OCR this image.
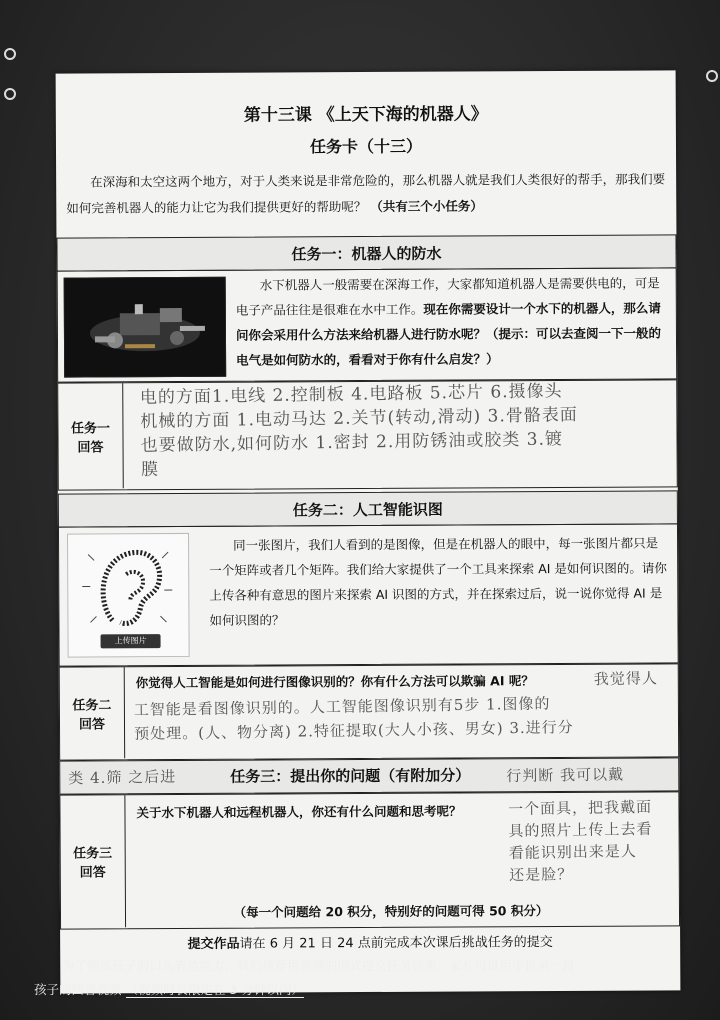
第十三课 《上天下海的机器人》
任务卡（十三）
在深海和太空这两个地方，对于人类来说是非常危险的，那么机器人就是我们人类很好的帮手，那我们要如何完善机器人的能力让它为我们提供更好的帮助呢？ （共有三个小任务）
任务一：机器人的防水
水下机器人一般需要在深海工作，大家都知道机器人是需要供电的，可是电子产品往往是很难在水中工作。现在你需要设计一个水下的机器人，那么请问你会采用什么方法来给机器人进行防水呢？（提示：可以去查阅一下一般的电气是如何防水的，看看对于你有什么启发？）
任务一
回答
电的方面1.电线 2.控制板 4.电路板 5.芯片 6.摄像头
机械的方面 1.电动马达 2.关节(转动,滑动) 3.骨骼表面
也要做防水,如何防水 1.密封 2.用防锈油或胶类 3.镀
膜
任务二：人工智能识图
上传图片
同一张图片，我们人看到的是图像，但是在机器人的眼中，每一张图片都只是一个矩阵或者几个矩阵。我们给大家提供了一个工具来探索 AI 是如何识图的。请你上传各种有意思的图片来探索 AI 识图的方式，并在探索过后，说一说你觉得 AI 是如何识图的？
任务二
回答
你觉得人工智能是如何进行图像识别的？你有什么方法可以欺骗 AI 呢？	我觉得人
工智能是看图像识别的。人工智能图像识别有5步 1.图像的
预处理。(人、物分离) 2.特征提取(大人小孩、男女) 3.进行分
类 4.筛 之后进	任务三：提出你的问题（有附加分） 行判断 我可以戴
任务三
回答
关于水下机器人和远程机器人，你还有什么问题和思考呢？	一个面具，把我戴面
具的照片上传上去看
看能识别出来是人
还是脸？
（每一个问题给 20 积分，特别好的问题可得 50 积分）
提交作品请在 6 月 21 日 24 点前完成本次课后挑战任务的提交
为了锻炼孩子的口头表达能力，我们推荐用视频的形式提交任务结果，家长可以用手机录一段
孩子的回答视频 （视频时长限定在 3 分钟以内）
